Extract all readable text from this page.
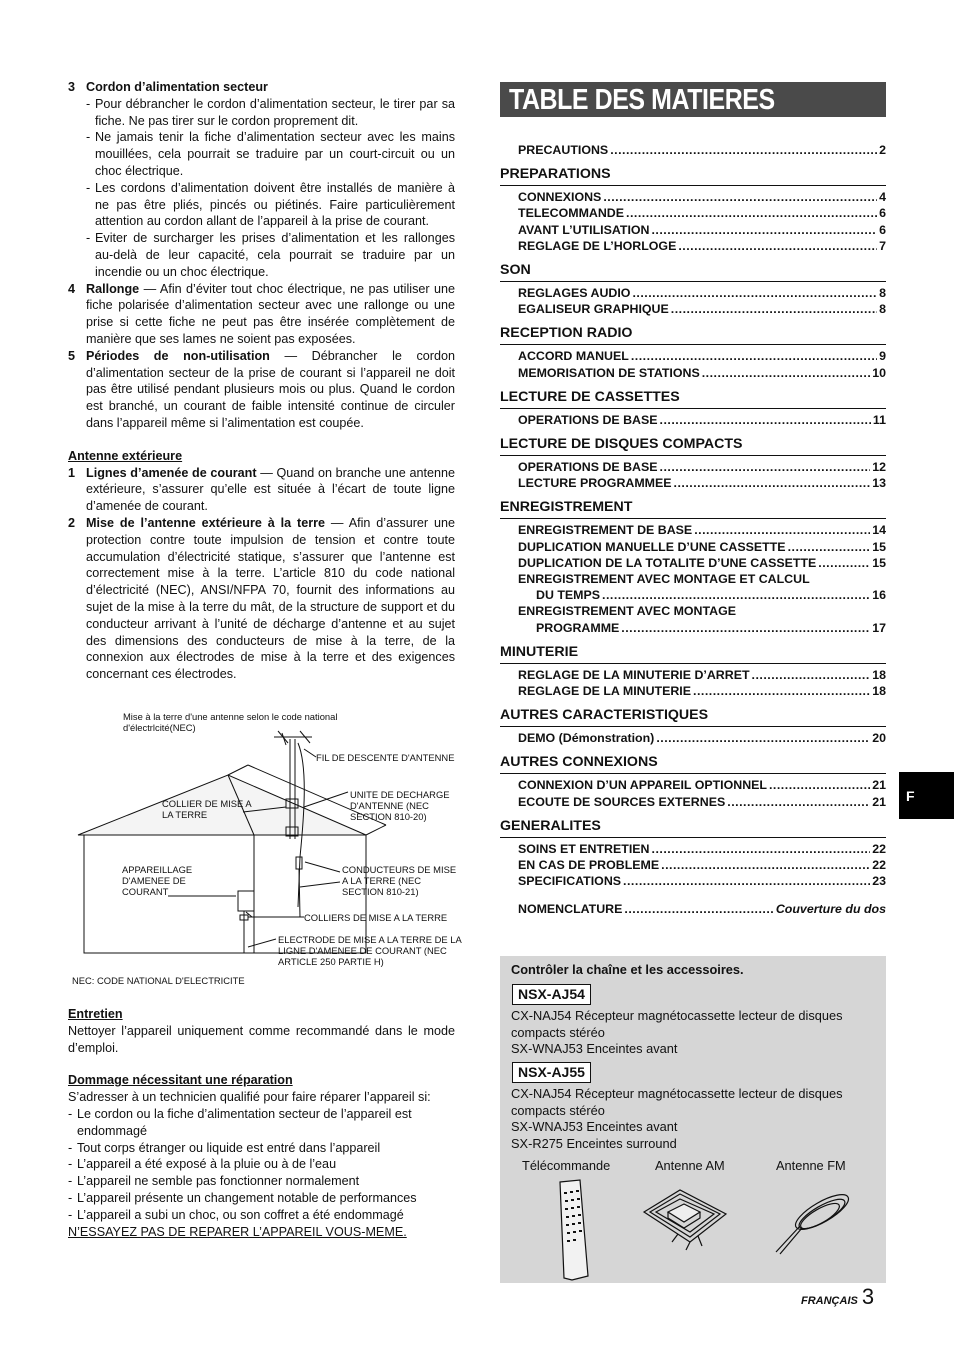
3 Cordon d’alimentation secteur
- Pour débrancher le cordon d’alimentation secteur, le tirer par sa fiche. Ne pas tirer sur le cordon proprement dit.
- Ne jamais tenir la fiche d’alimentation secteur avec les mains mouillées, cela pourrait se traduire par un court-circuit ou un choc électrique.
- Les cordons d’alimentation doivent être installés de manière à ne pas être pliés, pincés ou piétinés. Faire particulièrement attention au cordon allant de l’appareil à la prise de courant.
- Eviter de surcharger les prises d’alimentation et les rallonges au-delà de leur capacité, cela pourrait se traduire par un incendie ou un choc électrique.
4 Rallonge — Afin d’éviter tout choc électrique, ne pas utiliser une fiche polarisée d’alimentation secteur avec une rallonge ou une prise si cette fiche ne peut pas être insérée complètement de manière que ses lames ne soient pas exposées.
5 Périodes de non-utilisation — Débrancher le cordon d’alimentation secteur de la prise de courant si l’appareil ne doit pas être utilisé pendant plusieurs mois ou plus. Quand le cordon est branché, un courant de faible intensité continue de circuler dans l’appareil même si l’alimentation est coupée.
Antenne extérieure
1 Lignes d’amenée de courant — Quand on branche une antenne extérieure, s’assurer qu’elle est située à l’écart de toute ligne d’amenée de courant.
2 Mise de l’antenne extérieure à la terre — Afin d’assurer une protection contre toute impulsion de tension et contre toute accumulation d’électricité statique, s’assurer que l’antenne est correctement mise à la terre. L’article 810 du code national d’électricité (NEC), ANSI/NFPA 70, fournit des informations au sujet de la mise à la terre du mât, de la structure de support et du conducteur arrivant à l’unité de décharge d’antenne et au sujet des dimensions des conducteurs de mise à la terre, de la connexion aux électrodes de mise à la terre et des exigences concernant ces électrodes.
Mise à la terre d'une antenne selon le code national d'électrlcité(NEC)
FIL DE DESCENTE D'ANTENNE
UNITE DE DECHARGE D'ANTENNE (NEC SECTION 810-20)
COLLIER DE MISE A LA TERRE
APPAREILLAGE D'AMENEE DE COURANT
CONDUCTEURS DE MISE A LA TERRE (NEC SECTION 810-21)
COLLIERS DE MISE A LA TERRE
ELECTRODE DE MISE A LA TERRE DE LA LIGNE D'AMENEE DE COURANT (NEC ARTICLE 250 PARTIE H)
NEC: CODE NATIONAL D'ELECTRICITE
Entretien
Nettoyer l’appareil uniquement comme recommandé dans le mode d’emploi.
Dommage nécessitant une réparation
S’adresser à un technicien qualifié pour faire réparer l’appareil si:
- Le cordon ou la fiche d’alimentation secteur de l’appareil est endommagé
- Tout corps étranger ou liquide est entré dans l’appareil
- L’appareil a été exposé à la pluie ou à de l’eau
- L’appareil ne semble pas fonctionner normalement
- L’appareil présente un changement notable de performances
- L’appareil a subi un choc, ou son coffret a été endommagé
N’ESSAYEZ PAS DE REPARER L’APPAREIL VOUS-MEME.
TABLE DES MATIERES
PRECAUTIONS .....	2
PREPARATIONS
CONNEXIONS .....	4
TELECOMMANDE .....	6
AVANT L’UTILISATION .....	6
REGLAGE DE L’HORLOGE .....	7
SON
REGLAGES AUDIO .....	8
EGALISEUR GRAPHIQUE .....	8
RECEPTION RADIO
ACCORD MANUEL .....	9
MEMORISATION DE STATIONS .....	10
LECTURE DE CASSETTES
OPERATIONS DE BASE .....	11
LECTURE DE DISQUES COMPACTS
OPERATIONS DE BASE .....	12
LECTURE PROGRAMMEE .....	13
ENREGISTREMENT
ENREGISTREMENT DE BASE .....	14
DUPLICATION MANUELLE D’UNE CASSETTE .....	15
DUPLICATION DE LA TOTALITE D’UNE CASSETTE .....	15
ENREGISTREMENT AVEC MONTAGE ET CALCUL
DU TEMPS .....	16
ENREGISTREMENT AVEC MONTAGE
PROGRAMME .....	17
MINUTERIE
REGLAGE DE LA MINUTERIE D’ARRET .....	18
REGLAGE DE LA MINUTERIE .....	18
AUTRES CARACTERISTIQUES
DEMO (Démonstration) .....	20
AUTRES CONNEXIONS
CONNEXION D’UN APPAREIL OPTIONNEL .....	21
ECOUTE DE SOURCES EXTERNES .....	21
GENERALITES
SOINS ET ENTRETIEN .....	22
EN CAS DE PROBLEME .....	22
SPECIFICATIONS .....	23
NOMENCLATURE .....	Couverture du dos
Contrôler la chaîne et les accessoires.
NSX-AJ54
CX-NAJ54 Récepteur magnétocassette lecteur de disques compacts stéréo
SX-WNAJ53 Enceintes avant
NSX-AJ55
CX-NAJ54 Récepteur magnétocassette lecteur de disques compacts stéréo
SX-WNAJ53 Enceintes avant
SX-R275 Enceintes surround
Télécommande	Antenne AM	Antenne FM
F
FRANÇAIS 3
